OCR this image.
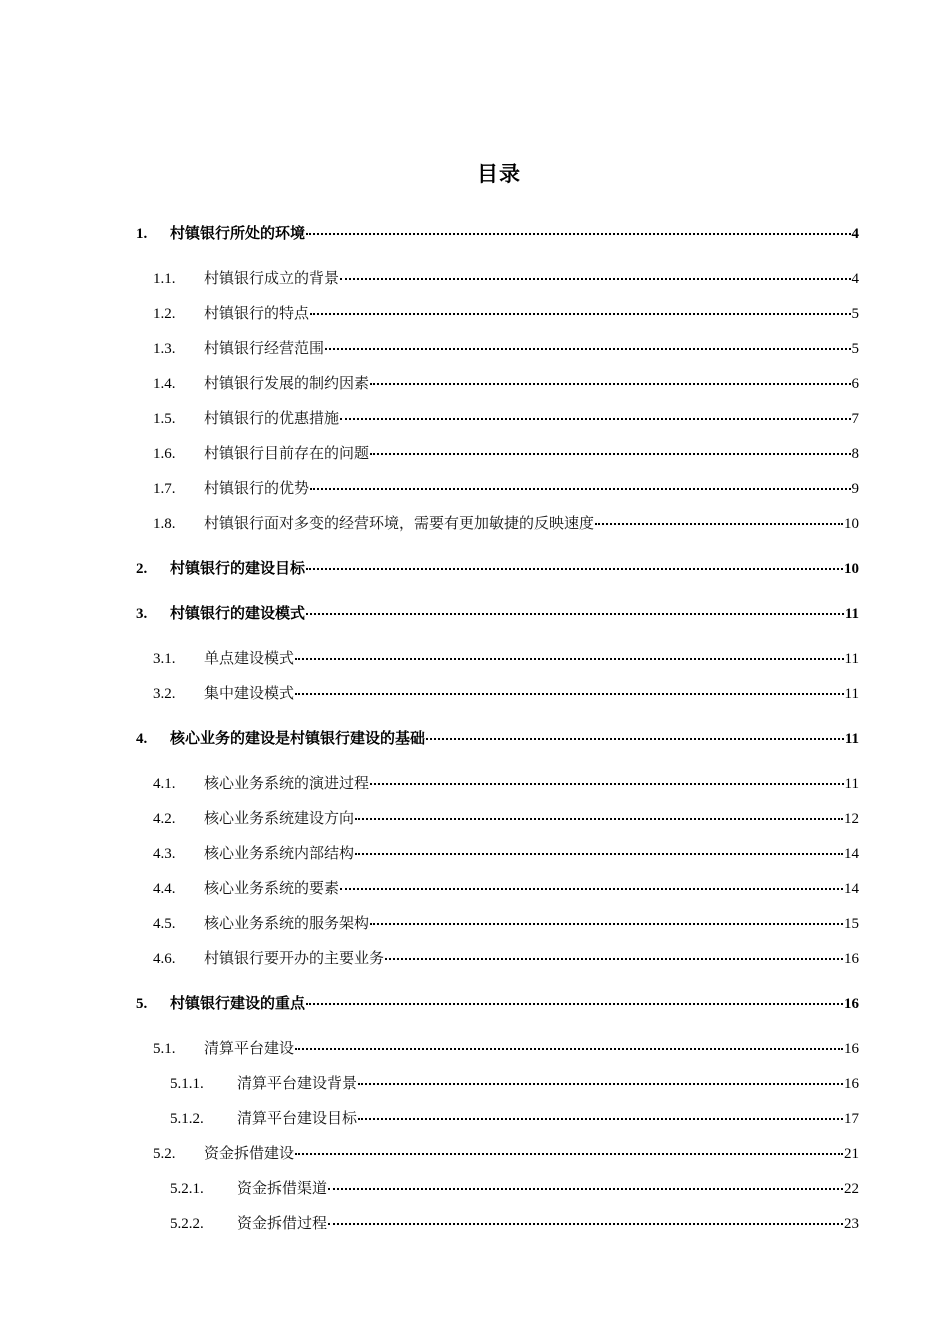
目录
1.	村镇银行所处的环境	4
1.1.	村镇银行成立的背景	4
1.2.	村镇银行的特点	5
1.3.	村镇银行经营范围	5
1.4.	村镇银行发展的制约因素	6
1.5.	村镇银行的优惠措施	7
1.6.	村镇银行目前存在的问题	8
1.7.	村镇银行的优势	9
1.8.	村镇银行面对多变的经营环境，需要有更加敏捷的反映速度	10
2.	村镇银行的建设目标	10
3.	村镇银行的建设模式	11
3.1.	单点建设模式	11
3.2.	集中建设模式	11
4.	核心业务的建设是村镇银行建设的基础	11
4.1.	核心业务系统的演进过程	11
4.2.	核心业务系统建设方向	12
4.3.	核心业务系统内部结构	14
4.4.	核心业务系统的要素	14
4.5.	核心业务系统的服务架构	15
4.6.	村镇银行要开办的主要业务	16
5.	村镇银行建设的重点	16
5.1.	清算平台建设	16
5.1.1.	清算平台建设背景	16
5.1.2.	清算平台建设目标	17
5.2.	资金拆借建设	21
5.2.1.	资金拆借渠道	22
5.2.2.	资金拆借过程	23
